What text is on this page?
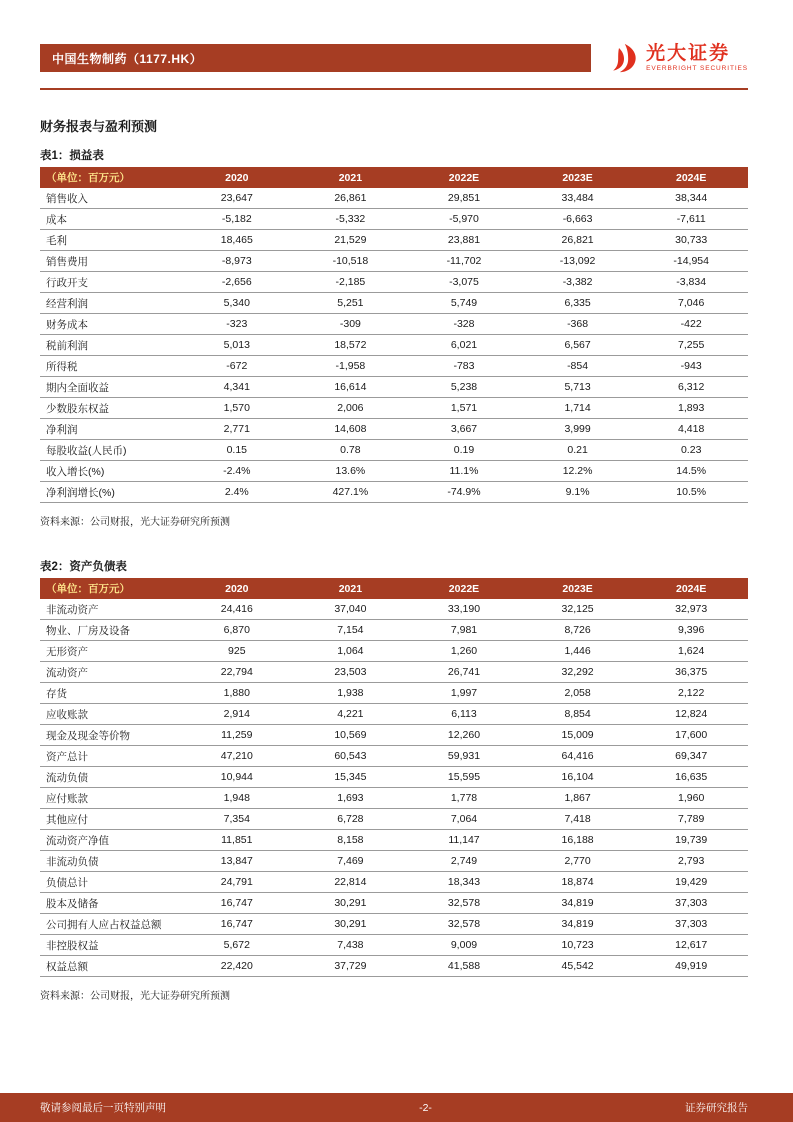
中国生物制药（1177.HK）	光大证券
EVERBRIGHT SECURITIES
财务报表与盈利预测
表1：损益表
（单位：百万元）	2020	2021	2022E	2023E	2024E
销售收入	23,647	26,861	29,851	33,484	38,344
成本	-5,182	-5,332	-5,970	-6,663	-7,611
毛利	18,465	21,529	23,881	26,821	30,733
销售费用	-8,973	-10,518	-11,702	-13,092	-14,954
行政开支	-2,656	-2,185	-3,075	-3,382	-3,834
经营利润	5,340	5,251	5,749	6,335	7,046
财务成本	-323	-309	-328	-368	-422
税前利润	5,013	18,572	6,021	6,567	7,255
所得税	-672	-1,958	-783	-854	-943
期内全面收益	4,341	16,614	5,238	5,713	6,312
少数股东权益	1,570	2,006	1,571	1,714	1,893
净利润	2,771	14,608	3,667	3,999	4,418
每股收益(人民币)	0.15	0.78	0.19	0.21	0.23
收入增长(%)	-2.4%	13.6%	11.1%	12.2%	14.5%
净利润增长(%)	2.4%	427.1%	-74.9%	9.1%	10.5%
资料来源：公司财报，光大证券研究所预测
表2：资产负债表
（单位：百万元）	2020	2021	2022E	2023E	2024E
非流动资产	24,416	37,040	33,190	32,125	32,973
物业、厂房及设备	6,870	7,154	7,981	8,726	9,396
无形资产	925	1,064	1,260	1,446	1,624
流动资产	22,794	23,503	26,741	32,292	36,375
存货	1,880	1,938	1,997	2,058	2,122
应收账款	2,914	4,221	6,113	8,854	12,824
现金及现金等价物	11,259	10,569	12,260	15,009	17,600
资产总计	47,210	60,543	59,931	64,416	69,347
流动负债	10,944	15,345	15,595	16,104	16,635
应付账款	1,948	1,693	1,778	1,867	1,960
其他应付	7,354	6,728	7,064	7,418	7,789
流动资产净值	11,851	8,158	11,147	16,188	19,739
非流动负债	13,847	7,469	2,749	2,770	2,793
负债总计	24,791	22,814	18,343	18,874	19,429
股本及储备	16,747	30,291	32,578	34,819	37,303
公司拥有人应占权益总额	16,747	30,291	32,578	34,819	37,303
非控股权益	5,672	7,438	9,009	10,723	12,617
权益总额	22,420	37,729	41,588	45,542	49,919
资料来源：公司财报，光大证券研究所预测
敬请参阅最后一页特别声明	-2-	证券研究报告
